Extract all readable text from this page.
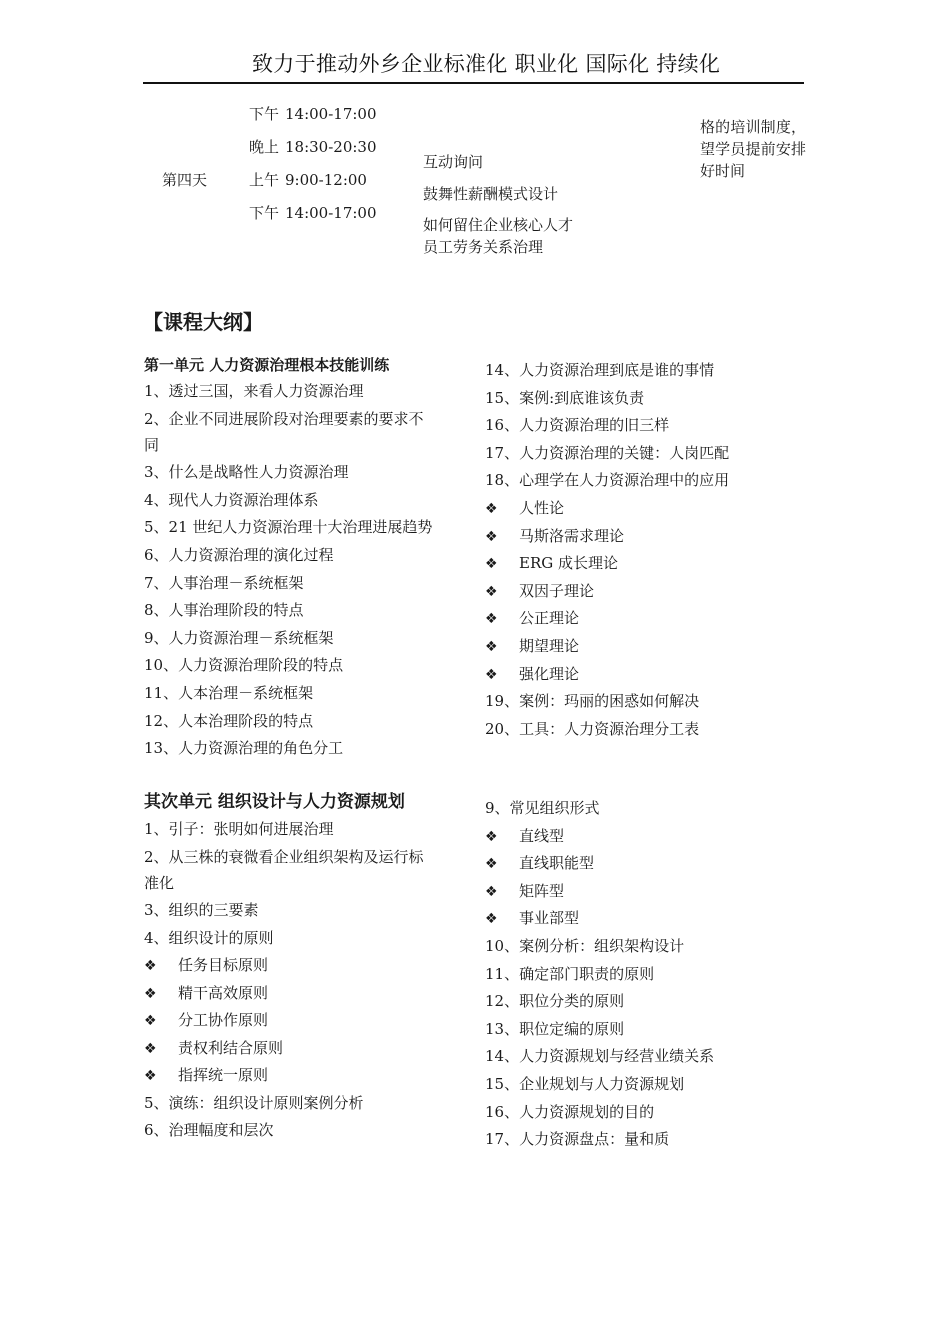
致力于推动外乡企业标准化 职业化 国际化 持续化
第四天
下午 14:00-17:00
晚上 18:30-20:30
上午 9:00-12:00
下午 14:00-17:00
互动询问
鼓舞性薪酬模式设计
如何留住企业核心人才
员工劳务关系治理
格的培训制度，望学员提前安排好时间
【课程大纲】
第一单元 人力资源治理根本技能训练
1、透过三国，来看人力资源治理
2、企业不同进展阶段对治理要素的要求不
同
3、什么是战略性人力资源治理
4、现代人力资源治理体系
5、21 世纪人力资源治理十大治理进展趋势
6、人力资源治理的演化过程
7、人事治理－系统框架
8、人事治理阶段的特点
9、人力资源治理－系统框架
10、人力资源治理阶段的特点
11、人本治理－系统框架
12、人本治理阶段的特点
13、人力资源治理的角色分工
14、人力资源治理到底是谁的事情
15、案例:到底谁该负责
16、人力资源治理的旧三样
17、人力资源治理的关键：人岗匹配
18、心理学在人力资源治理中的应用
❖ 人性论
❖ 马斯洛需求理论
❖ ERG 成长理论
❖ 双因子理论
❖ 公正理论
❖ 期望理论
❖ 强化理论
19、案例：玛丽的困惑如何解决
20、工具：人力资源治理分工表
其次单元 组织设计与人力资源规划
1、引子：张明如何进展治理
2、从三株的衰微看企业组织架构及运行标
准化
3、组织的三要素
4、组织设计的原则
❖ 任务目标原则
❖ 精干高效原则
❖ 分工协作原则
❖ 责权利结合原则
❖ 指挥统一原则
5、演练：组织设计原则案例分析
6、治理幅度和层次
9、常见组织形式
❖ 直线型
❖ 直线职能型
❖ 矩阵型
❖ 事业部型
10、案例分析：组织架构设计
11、确定部门职责的原则
12、职位分类的原则
13、职位定编的原则
14、人力资源规划与经营业绩关系
15、企业规划与人力资源规划
16、人力资源规划的目的
17、人力资源盘点：量和质
